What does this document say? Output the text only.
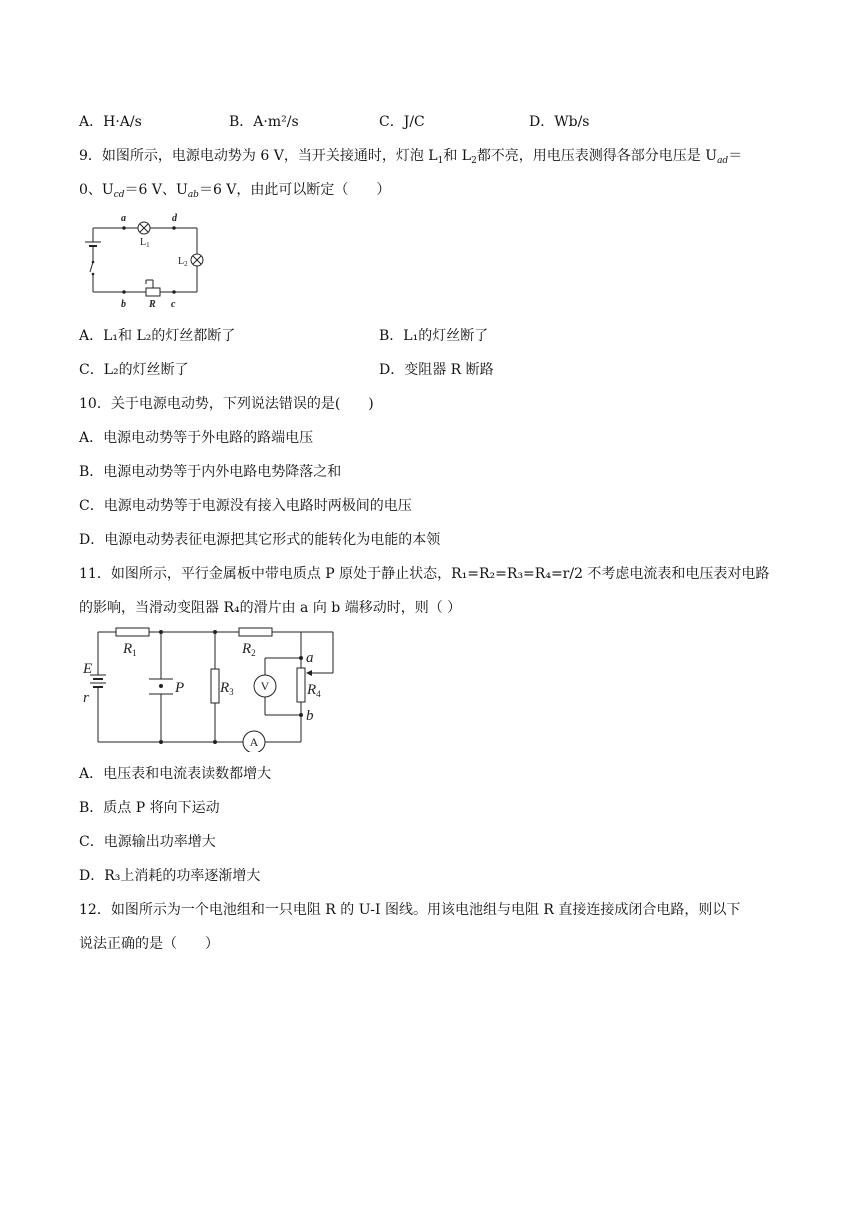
A．H·A/s	B．A·m²/s	C．J/C	D．Wb/s
9．如图所示，电源电动势为 6 V，当开关接通时，灯泡 $L_1$和 $L_2$都不亮，用电压表测得各部分电压是 $U_{ad}=$
0、$U_{cd}=6$ V、$U_{ab}=6$ V，由此可以断定（　　）
a	d
b R c
$L_1$
$L_2$
A．L₁和 L₂的灯丝都断了	B．L₁的灯丝断了
C．L₂的灯丝断了	D．变阻器 R 断路
10．关于电源电动势，下列说法错误的是(　　)
A．电源电动势等于外电路的路端电压
B．电源电动势等于内外电路电势降落之和
C．电源电动势等于电源没有接入电路时两极间的电压
D．电源电动势表征电源把其它形式的能转化为电能的本领
11．如图所示，平行金属板中带电质点 P 原处于静止状态，R₁=R₂=R₃=R₄=r/2 不考虑电流表和电压表对电路
的影响，当滑动变阻器 R₄的滑片由 a 向 b 端移动时，则（ ）
E
r
P
a
b
$R_1$	$R_2$
$R_3$	$R_4$
V
A
A．电压表和电流表读数都增大
B．质点 P 将向下运动
C．电源输出功率增大
D．R₃上消耗的功率逐渐增大
12．如图所示为一个电池组和一只电阻 R 的 U-I 图线。用该电池组与电阻 R 直接连接成闭合电路，则以下
说法正确的是（　　）
